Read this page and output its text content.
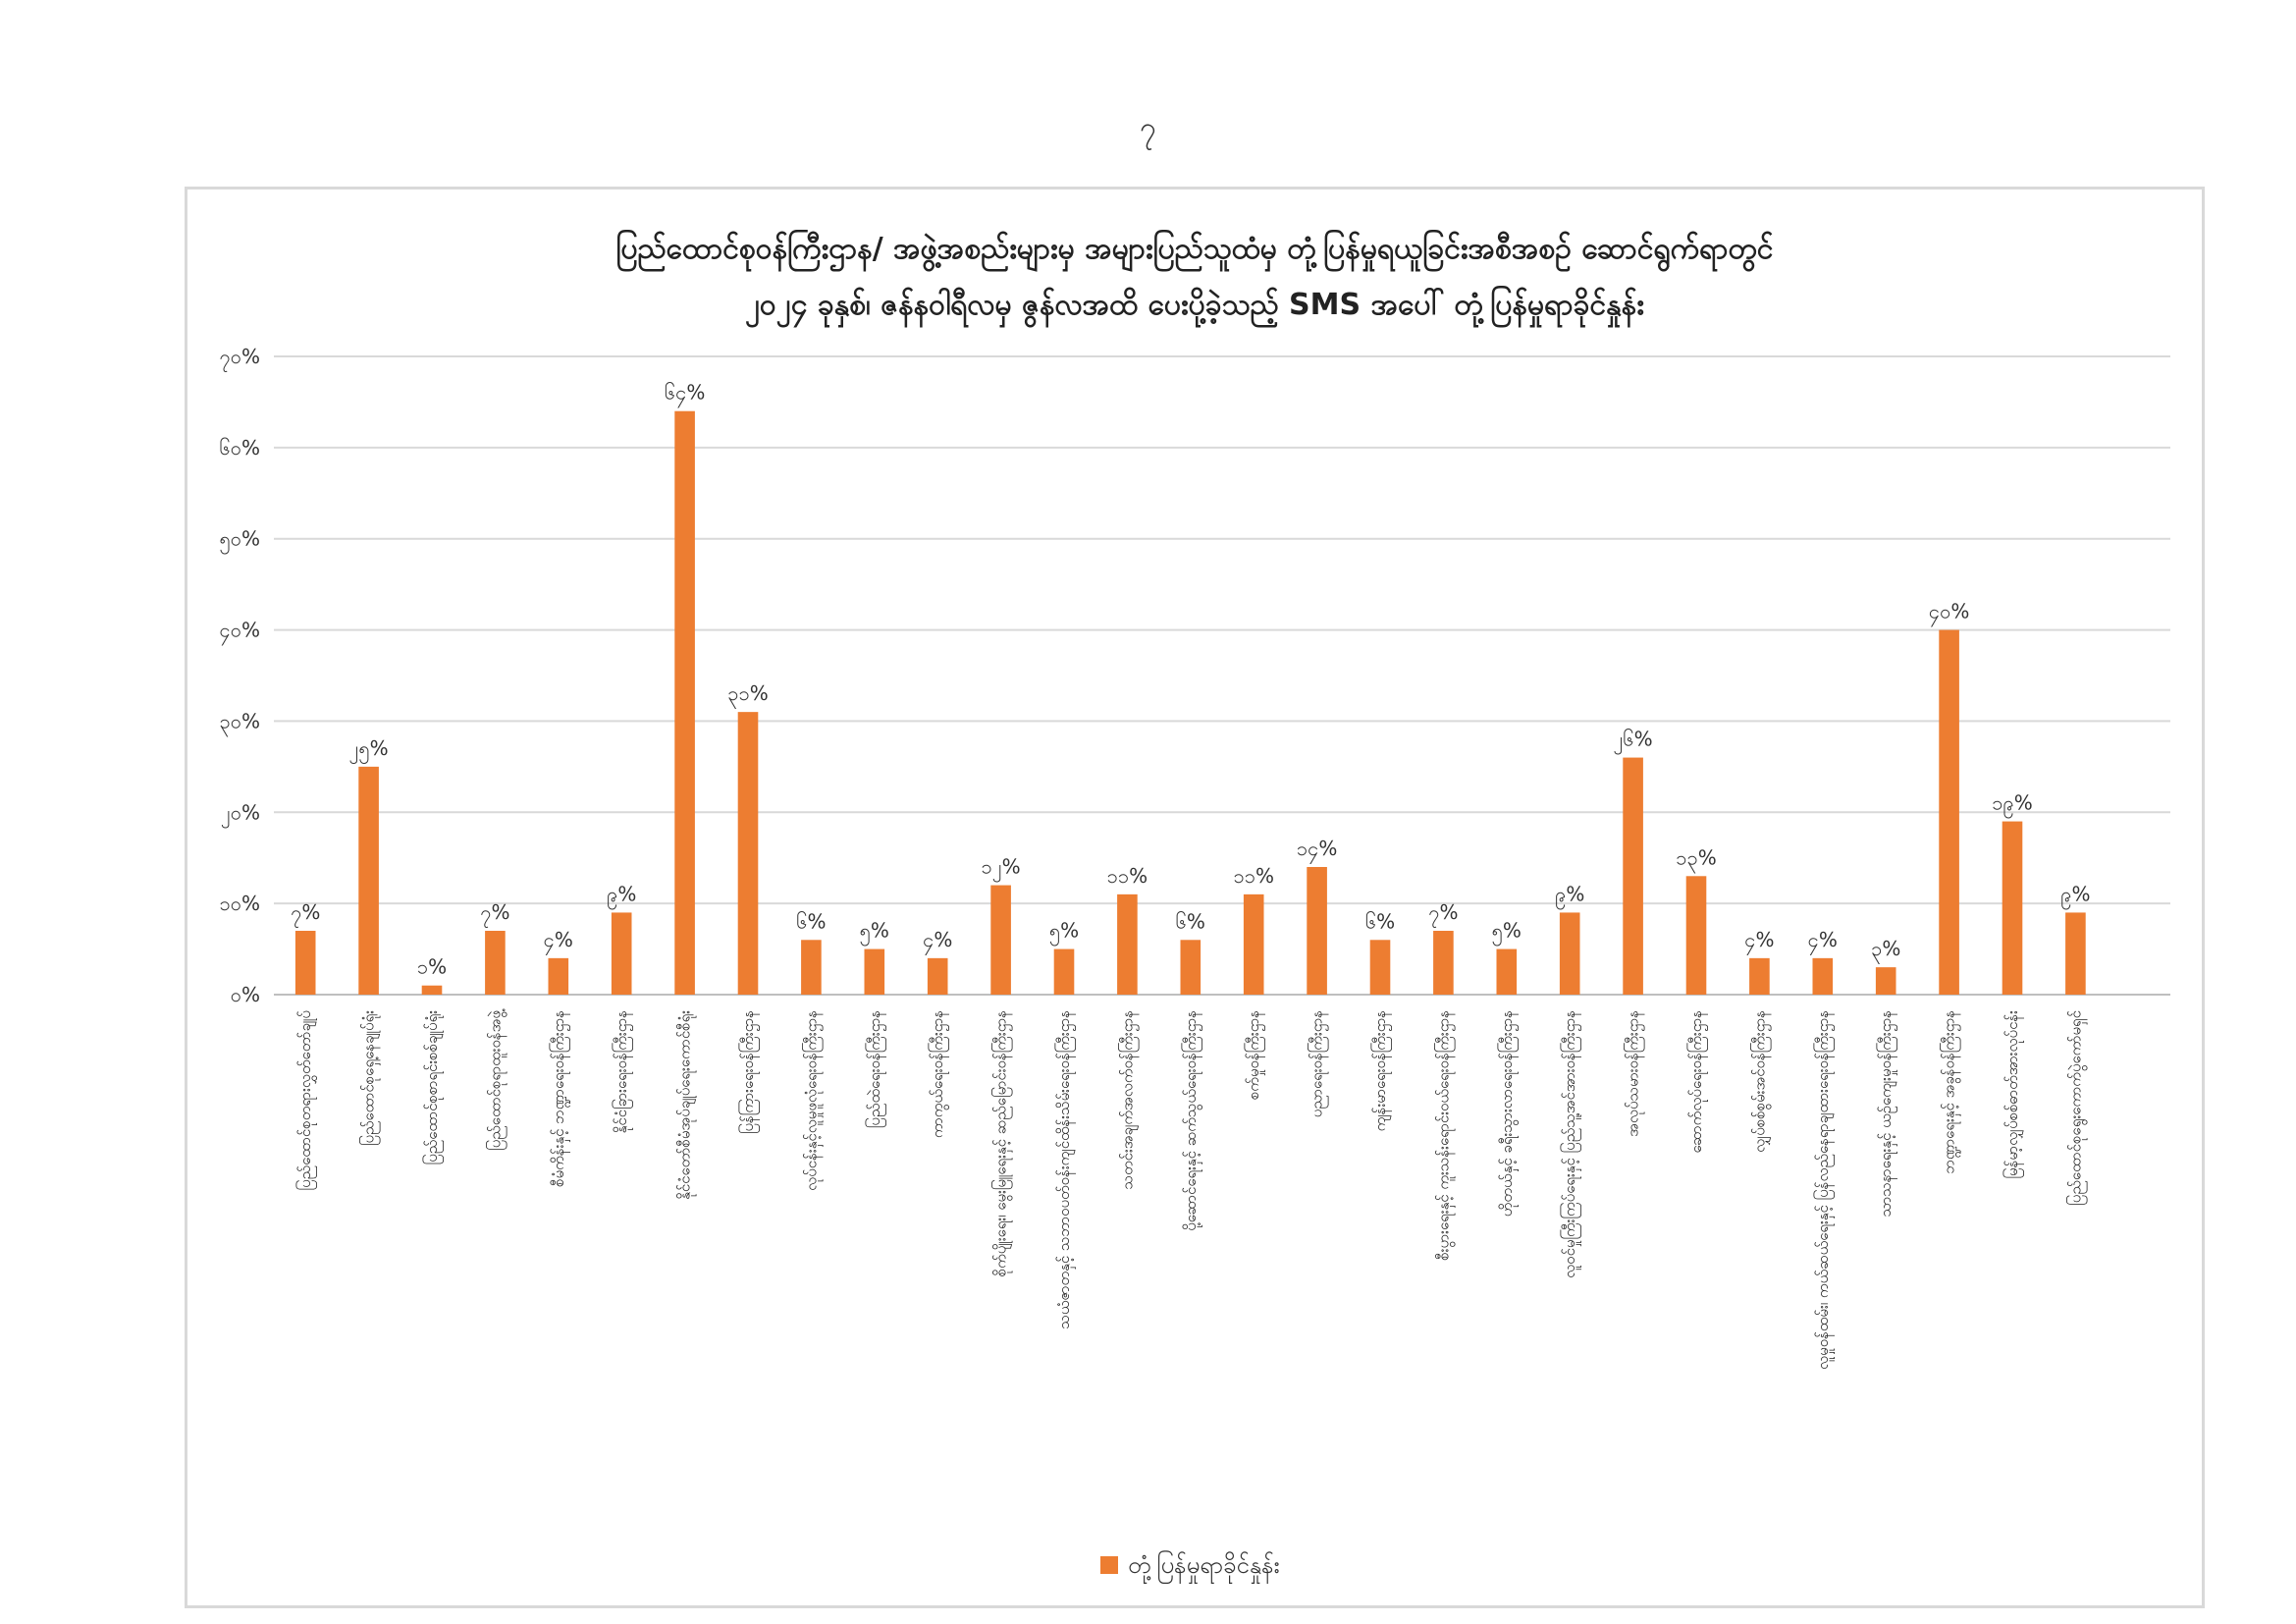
၇
ပြည်ထောင်စုဝန်ကြီးဌာန/ အဖွဲ့အစည်းများမှ အများပြည်သူထံမှ တုံ့ပြန်မှုရယူခြင်းအစီအစဉ် ဆောင်ရွက်ရာတွင်
၂၀၂၄ ခုနှစ်၊ ဇန်နဝါရီလမှ ဇွန်လအထိ ပေးပို့ခဲ့သည့် SMS အပေါ် တုံ့ပြန်မှုရာခိုင်နှုန်း
၀%
၁၀%
၂၀%
၃၀%
၄၀%
၅၀%
၆၀%
၇၀%
၇%
၂၅%
၁%
၇%
၄%
၉%
၆၄%
၃၁%
၆% ၅% ၄%
၁၂%
၅%
၁၁%
၆%
၁၁%
၁၄%
၆% ၇%
၅%
၉%
၂၆%
၁၃%
၄% ၄% ၃%
၄၀%
၁၉%
၉%
ပြည်ထောင်စုတရားလွှတ်တော်ချုပ်	ပြည်ထောင်စုရှေ့နေချုပ်ရုံး	ပြည်ထောင်စုစာရင်းစစ်ချုပ်ရုံး	ပြည်ထောင်စုရာထူးဝန်အဖွဲ့	စီမံကိန်းနှင့် ဘဏ္ဍာရေးဝန်ကြီးဌာန	နိုင်ငံခြားရေးဝန်ကြီးဌာန	နိုင်ငံတော်စီမံအုပ်ချုပ်ရေးကောင်စီရုံး	ပြန်ကြားရေးဝန်ကြီးဌာန	လုပ်ငန်းနှင့်လူမှုဖူလုံရေးဝန်ကြီးဌာန	ပြည်ထဲရေးဝန်ကြီးဌာန	ကာကွယ်ရေးဝန်ကြီးဌာန	စိုက်ပျိုးရေး၊ မွေးမြူရေးနှင့် ဆည်မြောင်းဝန်ကြီးဌာန	သယံဇာတနှင့် သဘာဝပတ်ဝန်းကျင်ထိန်းသိမ်းရေးဝန်ကြီးဌာန	သတင်းအချက်အလက်ဝန်ကြီးဌာန	ပို့ဆောင်ရေးနှင့် ဆက်သွယ်ရေးဝန်ကြီးဌာန	စက်မှုဝန်ကြီးဌာန	ပညာရေးဝန်ကြီးဌာန	ကျန်းမာရေးဝန်ကြီးဌာန	စီးပွားရေးနှင့် ကူးသန်းရောင်းဝယ်ရေးဝန်ကြီးဌာန	ဟိုတယ်နှင့် ခရီးသွားလာရေးဝန်ကြီးဌာန	လူဝင်မှုကြီးကြပ်ရေးနှင့် ပြည်သူ့အင်အားဝန်ကြီးဌာန	အလုပ်သမားဝန်ကြီးဌာန	ဆောက်လုပ်ရေးဝန်ကြီးဌာန	လျှပ်စစ်စွမ်းအင်ဝန်ကြီးဌာန	လူမှုဝန်ထမ်း၊ ကယ်ဆယ်ရေးနှင့် ပြန်လည်နေရာချထားရေးဝန်ကြီးဌာန	သာသနာရေးနှင့် ယဉ်ကျေးမှုဝန်ကြီးဌာန	ဘဏ္ဍာရေးနှင့် အခွန်ဝန်ကြီးဌာန	မြန်မာ့လျှပ်စစ်ဓာတ်အားလုပ်ငန်း	ပြည်ထောင်စုရွေးကောက်ပွဲကော်မရှင်
တုံ့ပြန်မှုရာခိုင်နှုန်း
